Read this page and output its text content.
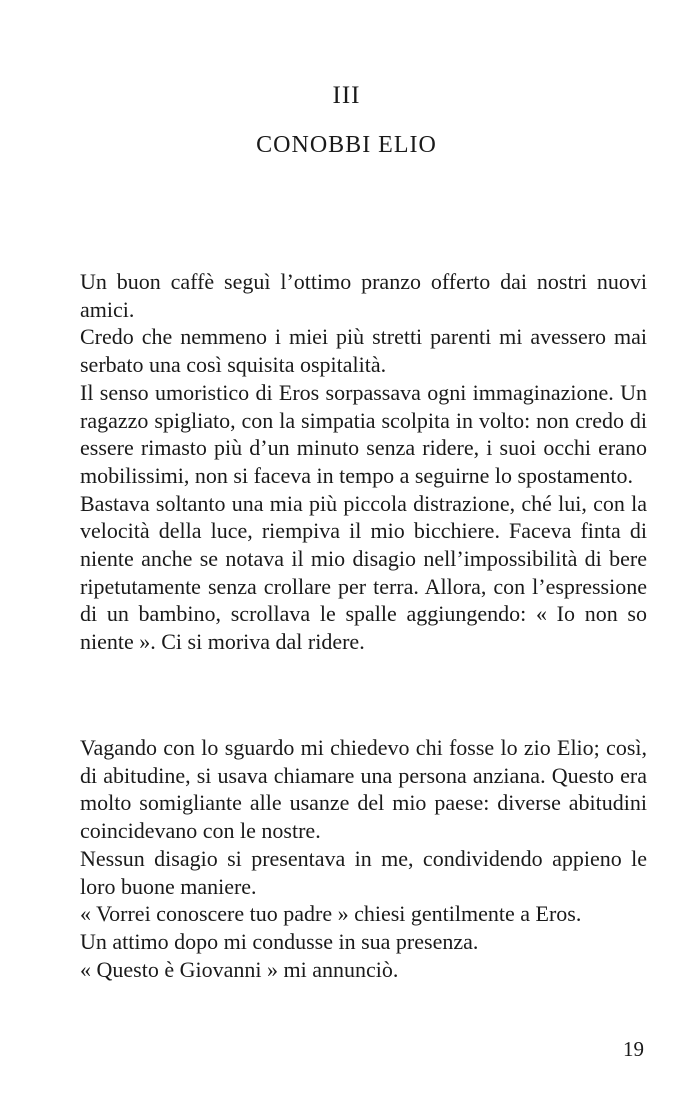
III
CONOBBI ELIO

Un buon caffè seguì l’ottimo pranzo offerto dai nostri nuovi amici.

Credo che nemmeno i miei più stretti parenti mi avessero mai serbato una così squisita ospitalità.

Il senso umoristico di Eros sorpassava ogni immaginazione. Un ragazzo spigliato, con la simpatia scolpita in volto: non credo di essere rimasto più d’un minuto senza ridere, i suoi occhi erano mobilissimi, non si faceva in tempo a seguirne lo spostamento.

Bastava soltanto una mia più piccola distrazione, ché lui, con la velocità della luce, riempiva il mio bicchiere. Faceva finta di niente anche se notava il mio disagio nell’impossibilità di bere ripetutamente senza crollare per terra. Allora, con l’espressione di un bambino, scrollava le spalle aggiungendo: « Io non so niente ». Ci si moriva dal ridere.

Vagando con lo sguardo mi chiedevo chi fosse lo zio Elio; così, di abitudine, si usava chiamare una persona anziana. Questo era molto somigliante alle usanze del mio paese: diverse abitudini coincidevano con le nostre.

Nessun disagio si presentava in me, condividendo appieno le loro buone maniere.

« Vorrei conoscere tuo padre » chiesi gentilmente a Eros.

Un attimo dopo mi condusse in sua presenza.

« Questo è Giovanni » mi annunciò.

19
